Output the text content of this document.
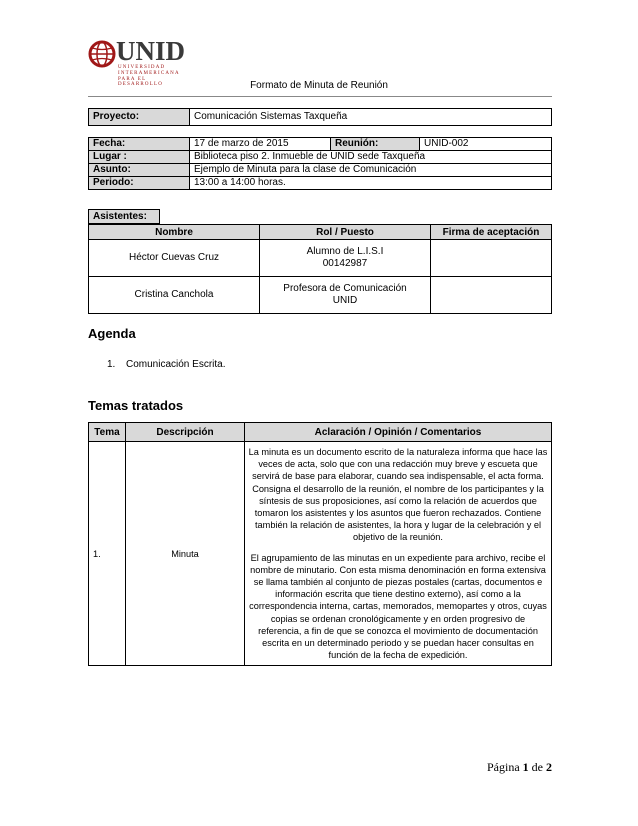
UNID
UNIVERSIDAD
INTERAMERICANA
PARA EL DESARROLLO	Formato de Minuta de Reunión
Proyecto:	Comunicación Sistemas Taxqueña
Fecha:	17 de marzo de 2015	Reunión:	UNID-002
Lugar :	Biblioteca piso 2. Inmueble de UNID sede Taxqueña		
Asunto:	Ejemplo de Minuta para la clase de Comunicación		
Periodo:	13:00 a 14:00 horas.		
Asistentes:
Nombre	Rol / Puesto	Firma de aceptación
Héctor Cuevas Cruz	Alumno de L.I.S.I
00142987	

Cristina Canchola	Profesora de Comunicación
UNID	

Agenda
1. Comunicación Escrita.
Temas tratados
Tema	Descripción	Aclaración / Opinión / Comentarios
1.	Minuta	La minuta es un documento escrito de la naturaleza informa que hace las veces de acta, solo que con una redacción muy breve y escueta que servirá de base para elaborar, cuando sea indispensable, el acta forma. Consigna el desarrollo de la reunión, el nombre de los participantes y la síntesis de sus proposiciones, así como la relación de acuerdos que tomaron los asistentes y los asuntos que fueron rechazados. Contiene también la relación de asistentes, la hora y lugar de la celebración y el objetivo de la reunión.

El agrupamiento de las minutas en un expediente para archivo, recibe el nombre de minutario. Con esta misma denominación en forma extensiva se llama también al conjunto de piezas postales (cartas, documentos e información escrita que tiene destino externo), así como a la correspondencia interna, cartas, memorados, memopartes y otros, cuyas copias se ordenan cronológicamente y en orden progresivo de referencia, a fin de que se conozca el movimiento de documentación escrita en un determinado periodo y se puedan hacer consultas en función de la fecha de expedición.

Página 1 de 2
